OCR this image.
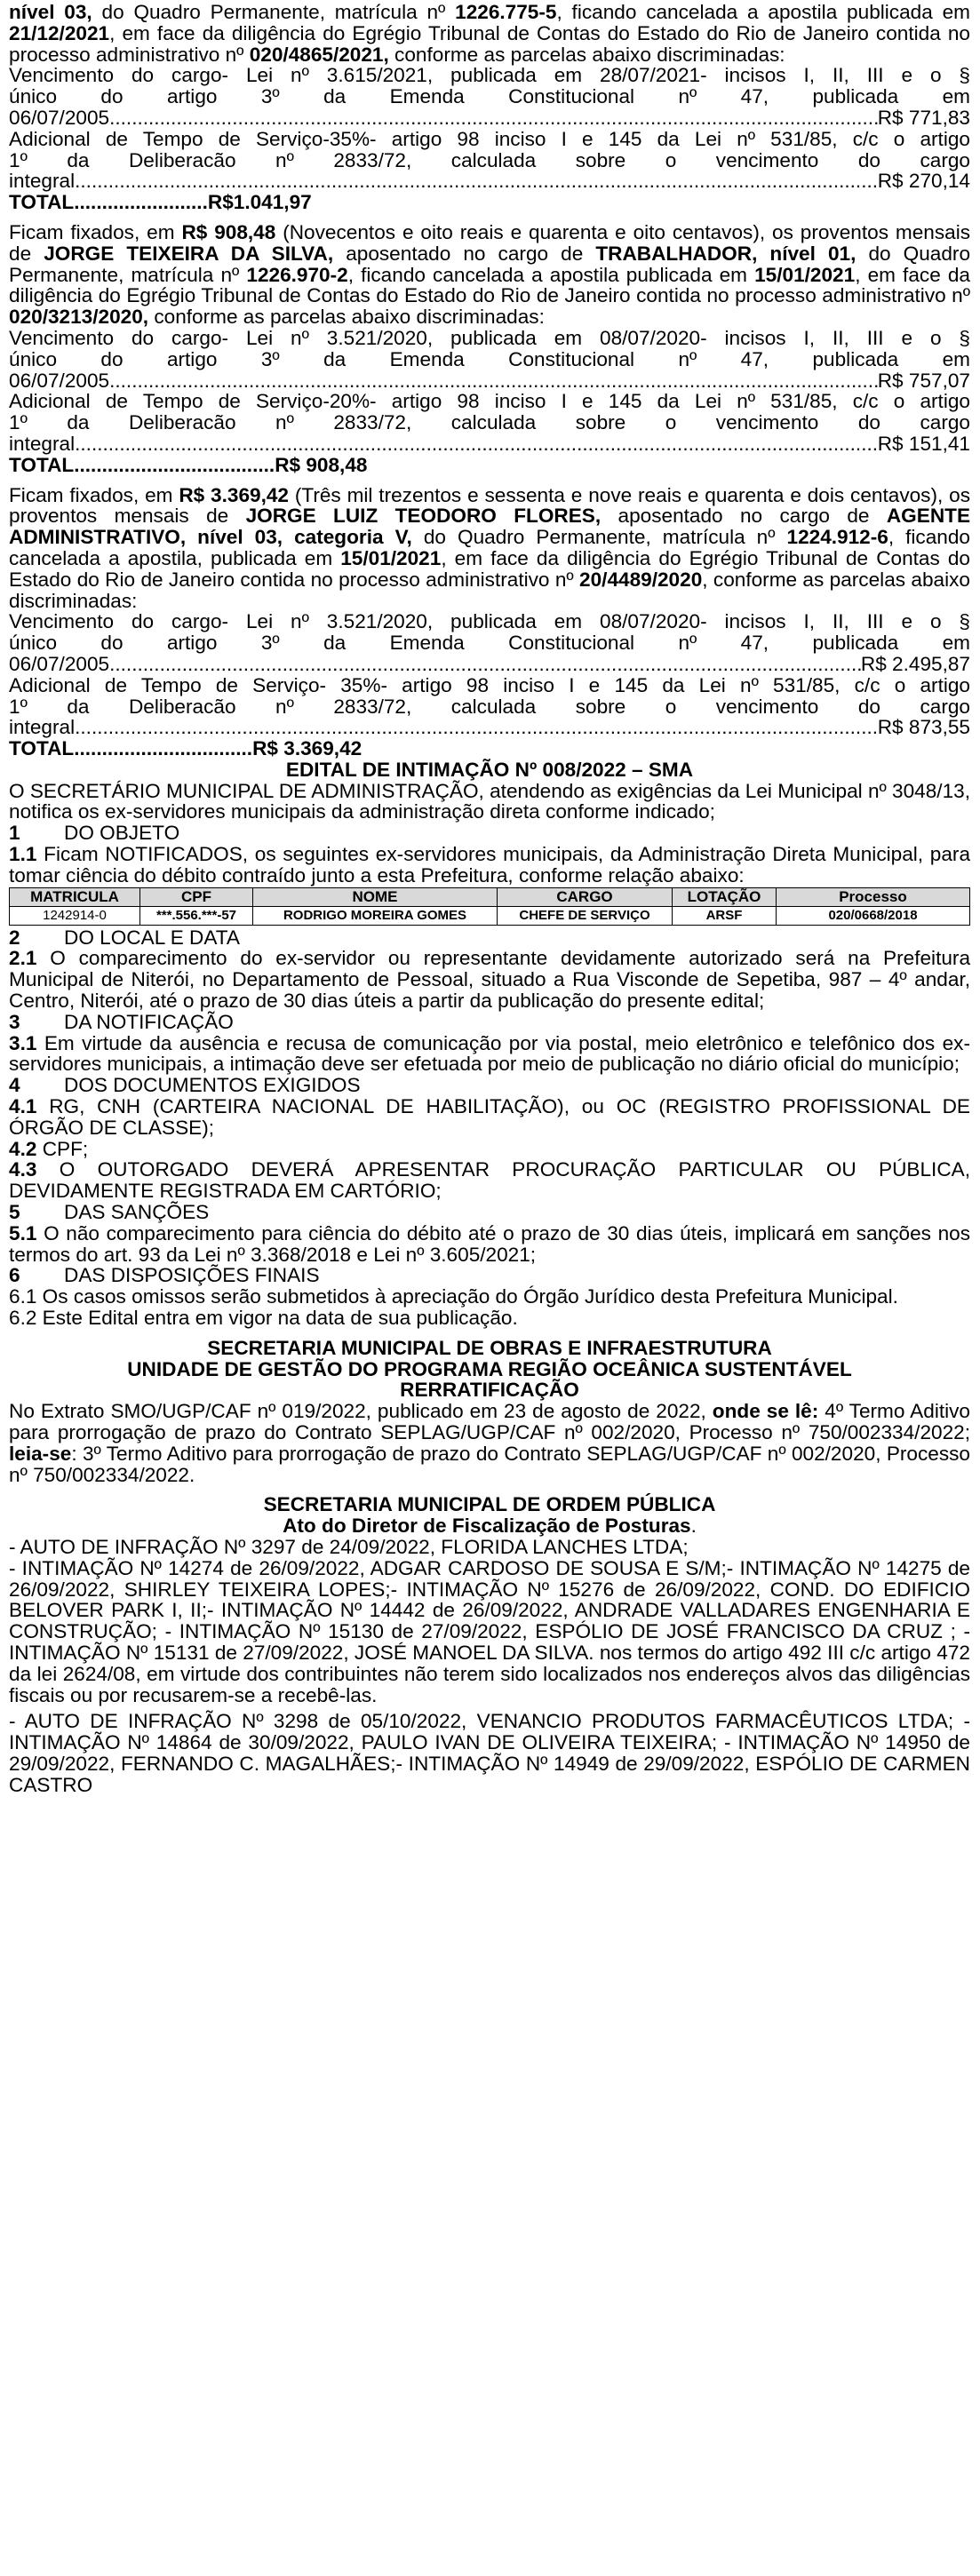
nível 03, do Quadro Permanente, matrícula nº 1226.775-5, ficando cancelada a apostila publicada em 21/12/2021, em face da diligência do Egrégio Tribunal de Contas do Estado do Rio de Janeiro contida no processo administrativo nº 020/4865/2021, conforme as parcelas abaixo discriminadas:
Vencimento do cargo- Lei nº 3.615/2021, publicada em 28/07/2021- incisos I, II, III e o §
único do artigo 3º da Emenda Constitucional nº 47, publicada em
06/07/2005 .....	R$ 771,83
Adicional de Tempo de Serviço-35%- artigo 98 inciso I e 145 da Lei nº 531/85, c/c o artigo
1º da Deliberacão nº 2833/72, calculada sobre o vencimento do cargo
integral .....	R$ 270,14
TOTAL........................R$1.041,97
Ficam fixados, em R$ 908,48 (Novecentos e oito reais e quarenta e oito centavos), os proventos mensais de JORGE TEIXEIRA DA SILVA, aposentado no cargo de TRABALHADOR, nível 01, do Quadro Permanente, matrícula nº 1226.970-2, ficando cancelada a apostila publicada em 15/01/2021, em face da diligência do Egrégio Tribunal de Contas do Estado do Rio de Janeiro contida no processo administrativo nº 020/3213/2020, conforme as parcelas abaixo discriminadas:
Vencimento do cargo- Lei nº 3.521/2020, publicada em 08/07/2020- incisos I, II, III e o §
único do artigo 3º da Emenda Constitucional nº 47, publicada em
06/07/2005 .....	R$ 757,07
Adicional de Tempo de Serviço-20%- artigo 98 inciso I e 145 da Lei nº 531/85, c/c o artigo
1º da Deliberacão nº 2833/72, calculada sobre o vencimento do cargo
integral .....	R$ 151,41
TOTAL....................................R$ 908,48
Ficam fixados, em R$ 3.369,42 (Três mil trezentos e sessenta e nove reais e quarenta e dois centavos), os proventos mensais de JORGE LUIZ TEODORO FLORES, aposentado no cargo de AGENTE ADMINISTRATIVO, nível 03, categoria V, do Quadro Permanente, matrícula nº 1224.912-6, ficando cancelada a apostila, publicada em 15/01/2021, em face da diligência do Egrégio Tribunal de Contas do Estado do Rio de Janeiro contida no processo administrativo nº 20/4489/2020, conforme as parcelas abaixo discriminadas:
Vencimento do cargo- Lei nº 3.521/2020, publicada em 08/07/2020- incisos I, II, III e o §
único do artigo 3º da Emenda Constitucional nº 47, publicada em
06/07/2005 .....	R$ 2.495,87
Adicional de Tempo de Serviço- 35%- artigo 98 inciso I e 145 da Lei nº 531/85, c/c o artigo
1º da Deliberacão nº 2833/72, calculada sobre o vencimento do cargo
integral .....	R$ 873,55
TOTAL................................R$ 3.369,42
EDITAL DE INTIMAÇÃO Nº 008/2022 – SMA
O SECRETÁRIO MUNICIPAL DE ADMINISTRAÇÃO, atendendo as exigências da Lei Municipal nº 3048/13, notifica os ex-servidores municipais da administração direta conforme indicado;
1	DO OBJETO
1.1 Ficam NOTIFICADOS, os seguintes ex-servidores municipais, da Administração Direta Municipal, para tomar ciência do débito contraído junto a esta Prefeitura, conforme relação abaixo:
MATRICULA	CPF	NOME	CARGO	LOTAÇÃO	Processo
1242914-0	***.556.***-57	RODRIGO MOREIRA GOMES	CHEFE DE SERVIÇO	ARSF	020/0668/2018
2	DO LOCAL E DATA
2.1 O comparecimento do ex-servidor ou representante devidamente autorizado será na Prefeitura Municipal de Niterói, no Departamento de Pessoal, situado a Rua Visconde de Sepetiba, 987 – 4º andar, Centro, Niterói, até o prazo de 30 dias úteis a partir da publicação do presente edital;
3	DA NOTIFICAÇÃO
3.1 Em virtude da ausência e recusa de comunicação por via postal, meio eletrônico e telefônico dos ex-servidores municipais, a intimação deve ser efetuada por meio de publicação no diário oficial do município;
4	DOS DOCUMENTOS EXIGIDOS
4.1 RG, CNH (CARTEIRA NACIONAL DE HABILITAÇÃO), ou OC (REGISTRO PROFISSIONAL DE ÓRGÃO DE CLASSE);
4.2 CPF;
4.3 O OUTORGADO DEVERÁ APRESENTAR PROCURAÇÃO PARTICULAR OU PÚBLICA, DEVIDAMENTE REGISTRADA EM CARTÓRIO;
5	DAS SANÇÕES
5.1 O não comparecimento para ciência do débito até o prazo de 30 dias úteis, implicará em sanções nos termos do art. 93 da Lei nº 3.368/2018 e Lei nº 3.605/2021;
6	DAS DISPOSIÇÕES FINAIS
6.1 Os casos omissos serão submetidos à apreciação do Órgão Jurídico desta Prefeitura Municipal.
6.2 Este Edital entra em vigor na data de sua publicação.
SECRETARIA MUNICIPAL DE OBRAS E INFRAESTRUTURA
UNIDADE DE GESTÃO DO PROGRAMA REGIÃO OCEÂNICA SUSTENTÁVEL
RERRATIFICAÇÃO
No Extrato SMO/UGP/CAF nº 019/2022, publicado em 23 de agosto de 2022, onde se lê: 4º Termo Aditivo para prorrogação de prazo do Contrato SEPLAG/UGP/CAF nº 002/2020, Processo nº 750/002334/2022; leia-se: 3º Termo Aditivo para prorrogação de prazo do Contrato SEPLAG/UGP/CAF nº 002/2020, Processo nº 750/002334/2022.
SECRETARIA MUNICIPAL DE ORDEM PÚBLICA
Ato do Diretor de Fiscalização de Posturas.
- AUTO DE INFRAÇÃO Nº 3297 de 24/09/2022, FLORIDA LANCHES LTDA;
- INTIMAÇÃO Nº 14274 de 26/09/2022, ADGAR CARDOSO DE SOUSA E S/M;- INTIMAÇÃO Nº 14275 de 26/09/2022, SHIRLEY TEIXEIRA LOPES;- INTIMAÇÃO Nº 15276 de 26/09/2022, COND. DO EDIFICIO BELOVER PARK I, II;- INTIMAÇÃO Nº 14442 de 26/09/2022, ANDRADE VALLADARES ENGENHARIA E CONSTRUÇÃO; - INTIMAÇÃO Nº 15130 de 27/09/2022, ESPÓLIO DE JOSÉ FRANCISCO DA CRUZ ; - INTIMAÇÃO Nº 15131 de 27/09/2022, JOSÉ MANOEL DA SILVA. nos termos do artigo 492 III c/c artigo 472 da lei 2624/08, em virtude dos contribuintes não terem sido localizados nos endereços alvos das diligências fiscais ou por recusarem-se a recebê-las.
- AUTO DE INFRAÇÃO Nº 3298 de 05/10/2022, VENANCIO PRODUTOS FARMACÊUTICOS LTDA; - INTIMAÇÃO Nº 14864 de 30/09/2022, PAULO IVAN DE OLIVEIRA TEIXEIRA; - INTIMAÇÃO Nº 14950 de 29/09/2022, FERNANDO C. MAGALHÃES;- INTIMAÇÃO Nº 14949 de 29/09/2022, ESPÓLIO DE CARMEN CASTRO
